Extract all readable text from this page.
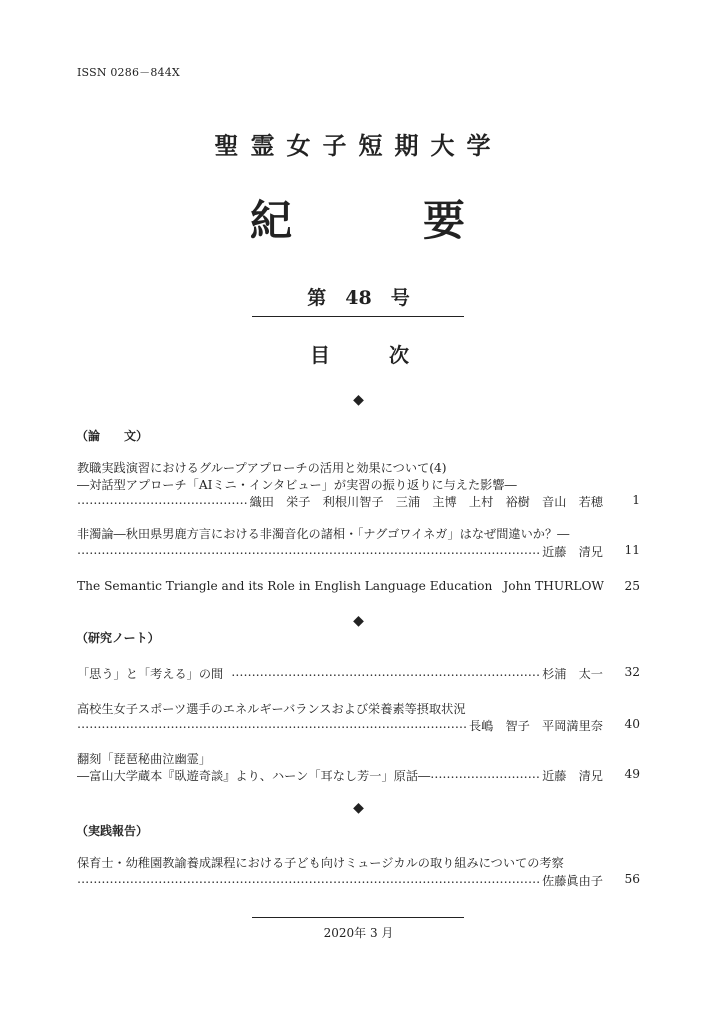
ISSN 0286－844X
聖霊女子短期大学
紀	要
第　48　号
目	次
◆
（論　　文）
教職実践演習におけるグループアプローチの活用と効果について(4)
―対話型アプローチ「AIミニ・インタビュー」が実習の振り返りに与えた影響―
…………………………………………………………………………………………………………………………………………………………………
織田　栄子　利根川智子　三浦　主博　上村　裕樹　音山　若穂 1
非濁論―秋田県男鹿方言における非濁音化の諸相・「ナグゴワイネガ」はなぜ間違いか？―
…………………………………………………………………………………………………………………………………………………………………
近藤　清兄 11
The Semantic Triangle and its Role in English Language Education John THURLOW 25
◆
（研究ノート）
「思う」と「考える」の間 …………………………………………………………………………………………………………………………………………………………………	杉浦　太一 32
高校生女子スポーツ選手のエネルギーバランスおよび栄養素等摂取状況
…………………………………………………………………………………………………………………………………………………………………
長嶋　智子　平岡満里奈 40
翻刻「琵琶秘曲泣幽霊」
―富山大学蔵本『臥遊奇談』より、ハーン「耳なし芳一」原話― …………………………………………………………………………………………………………………………………………………………………	近藤　清兄 49
◆
（実践報告）
保育士・幼稚園教諭養成課程における子ども向けミュージカルの取り組みについての考察
…………………………………………………………………………………………………………………………………………………………………
佐藤眞由子 56
2020年 3 月
